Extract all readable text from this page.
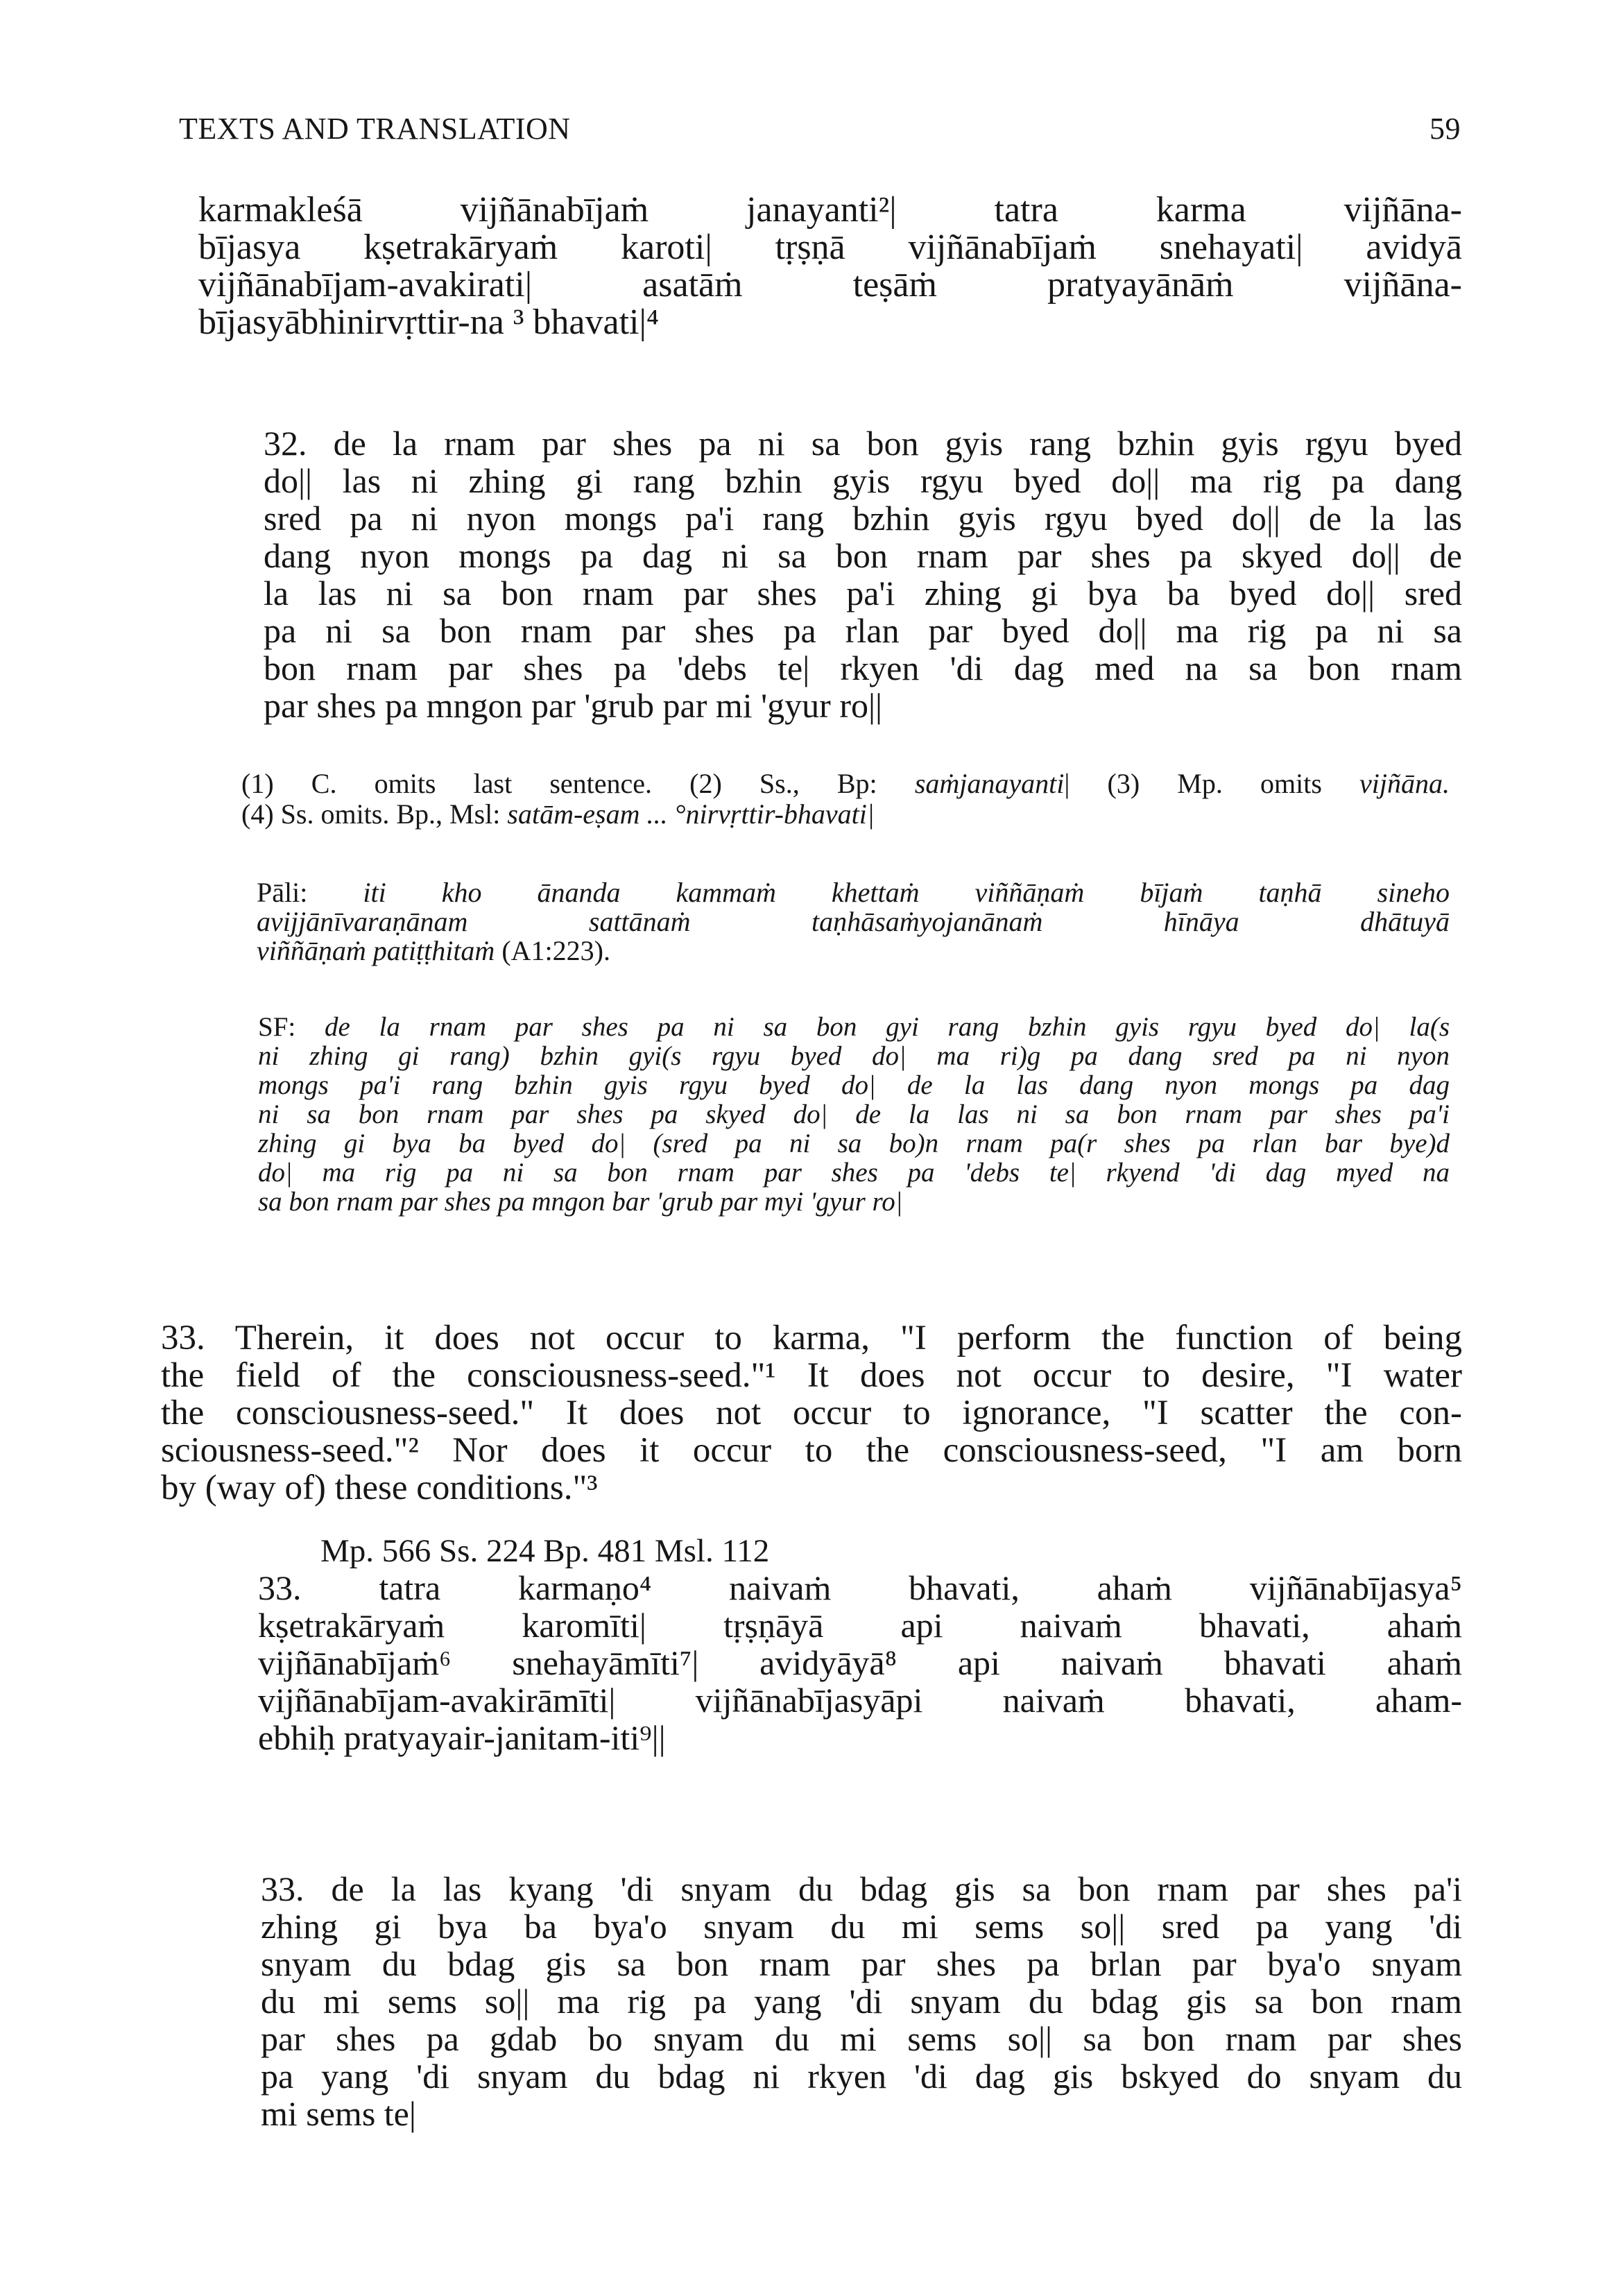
TEXTS AND TRANSLATION	59
karmakleśā vijñānabījaṁ janayanti²| tatra karma vijñāna-
bījasya kṣetrakāryaṁ karoti| tṛṣṇā vijñānabījaṁ snehayati| avidyā
vijñānabījam-avakirati| asatāṁ teṣāṁ pratyayānāṁ vijñāna-
bījasyābhinirvṛttir-na ³ bhavati|⁴
32. de la rnam par shes pa ni sa bon gyis rang bzhin gyis rgyu byed
do|| las ni zhing gi rang bzhin gyis rgyu byed do|| ma rig pa dang
sred pa ni nyon mongs pa'i rang bzhin gyis rgyu byed do|| de la las
dang nyon mongs pa dag ni sa bon rnam par shes pa skyed do|| de
la las ni sa bon rnam par shes pa'i zhing gi bya ba byed do|| sred
pa ni sa bon rnam par shes pa rlan par byed do|| ma rig pa ni sa
bon rnam par shes pa 'debs te| rkyen 'di dag med na sa bon rnam
par shes pa mngon par 'grub par mi 'gyur ro||
(1) C. omits last sentence. (2) Ss., Bp: saṁjanayanti| (3) Mp. omits vijñāna.
(4) Ss. omits. Bp., Msl: satām-eṣam ... °nirvṛttir-bhavati|
Pāli: iti kho ānanda kammaṁ khettaṁ viññāṇaṁ bījaṁ taṇhā sineho
avijjānīvaraṇānam sattānaṁ taṇhāsaṁyojanānaṁ hīnāya dhātuyā
viññāṇaṁ patiṭṭhitaṁ (A1:223).
SF: de la rnam par shes pa ni sa bon gyi rang bzhin gyis rgyu byed do| la(s
ni zhing gi rang) bzhin gyi(s rgyu byed do| ma ri)g pa dang sred pa ni nyon
mongs pa'i rang bzhin gyis rgyu byed do| de la las dang nyon mongs pa dag
ni sa bon rnam par shes pa skyed do| de la las ni sa bon rnam par shes pa'i
zhing gi bya ba byed do| (sred pa ni sa bo)n rnam pa(r shes pa rlan bar bye)d
do| ma rig pa ni sa bon rnam par shes pa 'debs te| rkyend 'di dag myed na
sa bon rnam par shes pa mngon bar 'grub par myi 'gyur ro|
33. Therein, it does not occur to karma, "I perform the function of being
the field of the consciousness-seed."¹ It does not occur to desire, "I water
the consciousness-seed." It does not occur to ignorance, "I scatter the con-
sciousness-seed."² Nor does it occur to the consciousness-seed, "I am born
by (way of) these conditions."³
Mp. 566 Ss. 224 Bp. 481 Msl. 112
33. tatra karmaṇo⁴ naivaṁ bhavati, ahaṁ vijñānabījasya⁵
kṣetrakāryaṁ karomīti| tṛṣṇāyā api naivaṁ bhavati, ahaṁ
vijñānabījaṁ⁶ snehayāmīti⁷| avidyāyā⁸ api naivaṁ bhavati ahaṁ
vijñānabījam-avakirāmīti| vijñānabījasyāpi naivaṁ bhavati, aham-
ebhiḥ pratyayair-janitam-iti⁹||
33. de la las kyang 'di snyam du bdag gis sa bon rnam par shes pa'i
zhing gi bya ba bya'o snyam du mi sems so|| sred pa yang 'di
snyam du bdag gis sa bon rnam par shes pa brlan par bya'o snyam
du mi sems so|| ma rig pa yang 'di snyam du bdag gis sa bon rnam
par shes pa gdab bo snyam du mi sems so|| sa bon rnam par shes
pa yang 'di snyam du bdag ni rkyen 'di dag gis bskyed do snyam du
mi sems te|
